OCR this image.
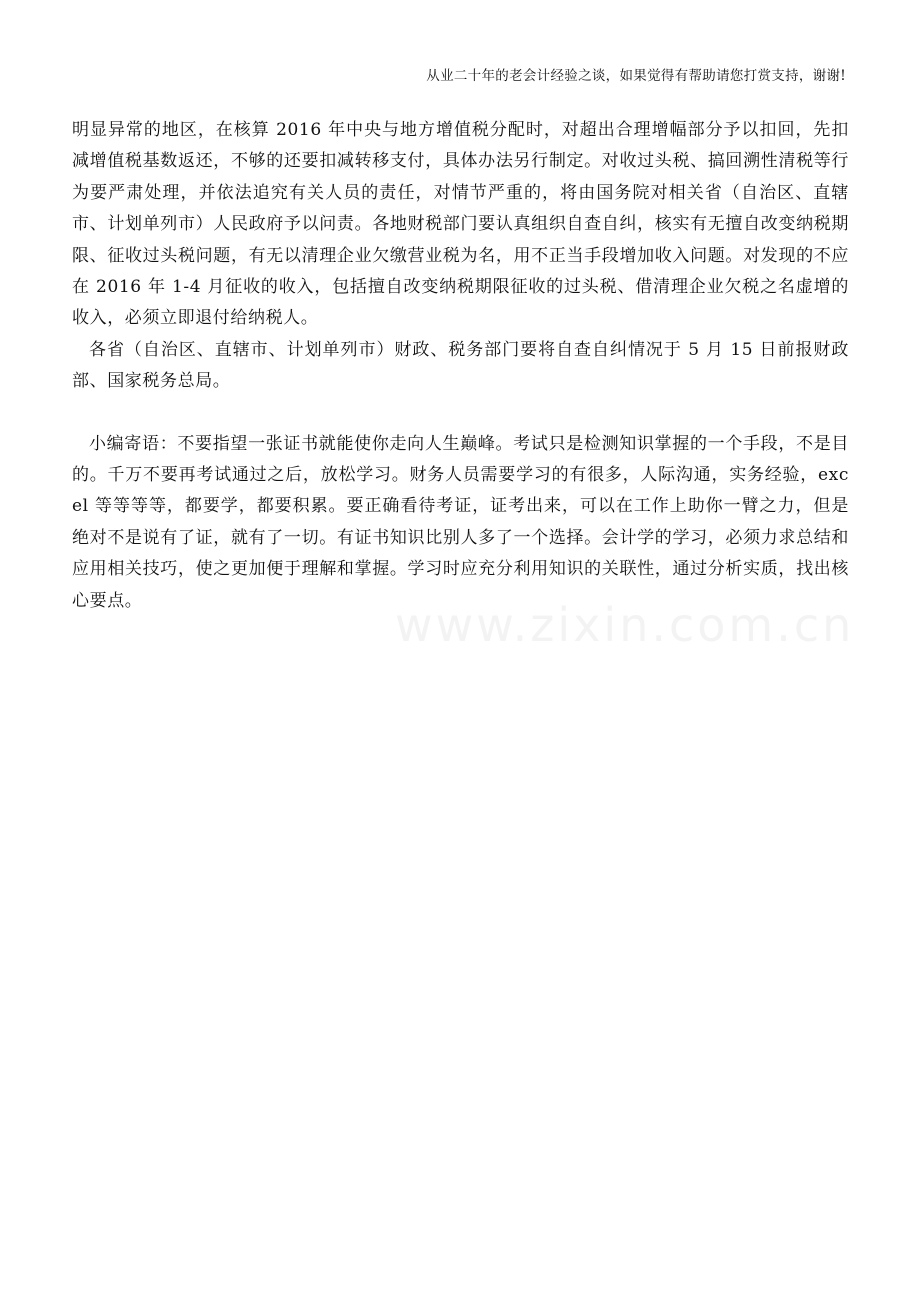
从业二十年的老会计经验之谈，如果觉得有帮助请您打赏支持，谢谢!

明显异常的地区，在核算 2016 年中央与地方增值税分配时，对超出合理增幅部分予以扣回，先扣减增值税基数返还，不够的还要扣减转移支付，具体办法另行制定。对收过头税、搞回溯性清税等行为要严肃处理，并依法追究有关人员的责任，对情节严重的，将由国务院对相关省（自治区、直辖市、计划单列市）人民政府予以问责。各地财税部门要认真组织自查自纠，核实有无擅自改变纳税期限、征收过头税问题，有无以清理企业欠缴营业税为名，用不正当手段增加收入问题。对发现的不应在 2016 年 1-4 月征收的收入，包括擅自改变纳税期限征收的过头税、借清理企业欠税之名虚增的收入，必须立即退付给纳税人。

各省（自治区、直辖市、计划单列市）财政、税务部门要将自查自纠情况于 5 月 15 日前报财政部、国家税务总局。

小编寄语：不要指望一张证书就能使你走向人生巅峰。考试只是检测知识掌握的一个手段，不是目的。千万不要再考试通过之后，放松学习。财务人员需要学习的有很多，人际沟通，实务经验，excel 等等等等，都要学，都要积累。要正确看待考证，证考出来，可以在工作上助你一臂之力，但是绝对不是说有了证，就有了一切。有证书知识比别人多了一个选择。会计学的学习，必须力求总结和应用相关技巧，使之更加便于理解和掌握。学习时应充分利用知识的关联性，通过分析实质，找出核心要点。	www.zixin.com.cn
